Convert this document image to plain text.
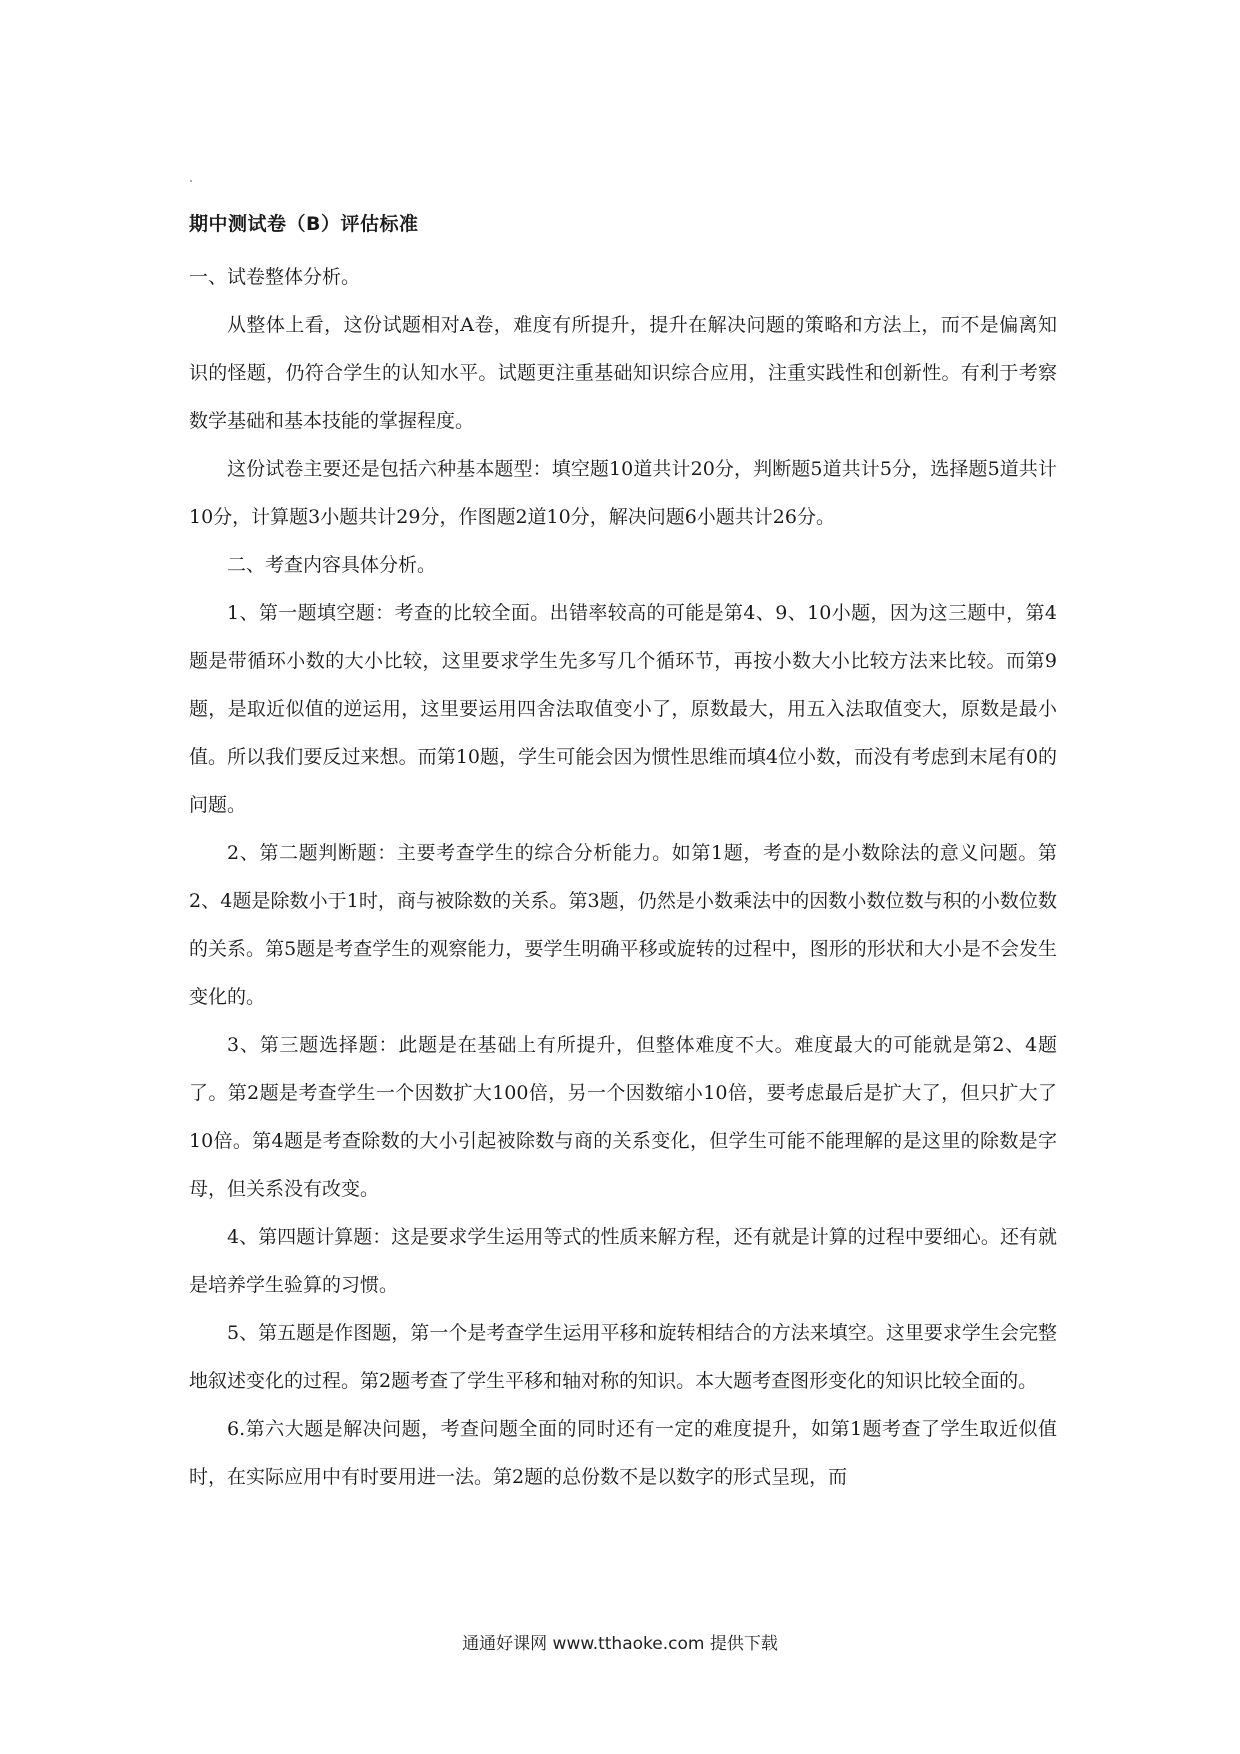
期中测试卷（B）评估标准

一、试卷整体分析。

从整体上看，这份试题相对A卷，难度有所提升，提升在解决问题的策略和方法上，而不是偏离知识的怪题，仍符合学生的认知水平。试题更注重基础知识综合应用，注重实践性和创新性。有利于考察数学基础和基本技能的掌握程度。

这份试卷主要还是包括六种基本题型：填空题10道共计20分，判断题5道共计5分，选择题5道共计10分，计算题3小题共计29分，作图题2道10分，解决问题6小题共计26分。

二、考查内容具体分析。

1、第一题填空题：考查的比较全面。出错率较高的可能是第4、9、10小题，因为这三题中，第4题是带循环小数的大小比较，这里要求学生先多写几个循环节，再按小数大小比较方法来比较。而第9题，是取近似值的逆运用，这里要运用四舍法取值变小了，原数最大，用五入法取值变大，原数是最小值。所以我们要反过来想。而第10题，学生可能会因为惯性思维而填4位小数，而没有考虑到末尾有0的问题。

2、第二题判断题：主要考查学生的综合分析能力。如第1题，考查的是小数除法的意义问题。第2、4题是除数小于1时，商与被除数的关系。第3题，仍然是小数乘法中的因数小数位数与积的小数位数的关系。第5题是考查学生的观察能力，要学生明确平移或旋转的过程中，图形的形状和大小是不会发生变化的。

3、第三题选择题：此题是在基础上有所提升，但整体难度不大。难度最大的可能就是第2、4题了。第2题是考查学生一个因数扩大100倍，另一个因数缩小10倍，要考虑最后是扩大了，但只扩大了10倍。第4题是考查除数的大小引起被除数与商的关系变化，但学生可能不能理解的是这里的除数是字母，但关系没有改变。

4、第四题计算题：这是要求学生运用等式的性质来解方程，还有就是计算的过程中要细心。还有就是培养学生验算的习惯。

5、第五题是作图题，第一个是考查学生运用平移和旋转相结合的方法来填空。这里要求学生会完整地叙述变化的过程。第2题考查了学生平移和轴对称的知识。本大题考查图形变化的知识比较全面的。

6.第六大题是解决问题，考查问题全面的同时还有一定的难度提升，如第1题考查了学生取近似值时，在实际应用中有时要用进一法。第2题的总份数不是以数字的形式呈现，而

通通好课网 www.tthaoke.com 提供下载
